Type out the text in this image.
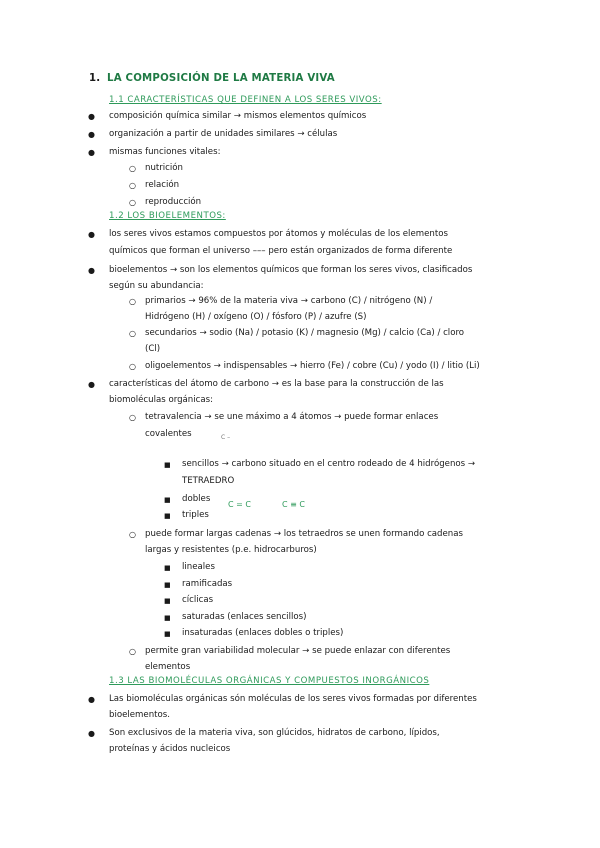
1. LA COMPOSICIÓN DE LA MATERIA VIVA
1.1 CARACTERÍSTICAS QUE DEFINEN A LOS SERES VIVOS:
● composición química similar → mismos elementos químicos
● organización a partir de unidades similares → células
● mismas funciones vitales:
○ nutrición
○ relación
○ reproducción
1.2 LOS BIOELEMENTOS:
● los seres vivos estamos compuestos por átomos y moléculas de los elementos
químicos que forman el universo ––– pero están organizados de forma diferente
● bioelementos → son los elementos químicos que forman los seres vivos, clasificados
según su abundancia:
○ primarios → 96% de la materia viva → carbono (C) / nitrógeno (N) /
Hidrógeno (H) / oxígeno (O) / fósforo (P) / azufre (S)
○ secundarios → sodio (Na) / potasio (K) / magnesio (Mg) / calcio (Ca) / cloro
(Cl)
○ oligoelementos → indispensables → hierro (Fe) / cobre (Cu) / yodo (I) / litio (Li)
● características del átomo de carbono → es la base para la construcción de las
biomoléculas orgánicas:
○ tetravalencia → se une máximo a 4 átomos → puede formar enlaces
covalentes	C –
■ sencillos → carbono situado en el centro rodeado de 4 hidrógenos →
TETRAEDRO
■ dobles
C = C	C ≡ C
■ triples
○ puede formar largas cadenas → los tetraedros se unen formando cadenas
largas y resistentes (p.e. hidrocarburos)
■ lineales
■ ramificadas
■ cíclicas
■ saturadas (enlaces sencillos)
■ insaturadas (enlaces dobles o triples)
○ permite gran variabilidad molecular → se puede enlazar con diferentes
elementos
1.3 LAS BIOMOLÉCULAS ORGÁNICAS Y COMPUESTOS INORGÁNICOS
● Las biomoléculas orgánicas són moléculas de los seres vivos formadas por diferentes
bioelementos.
● Son exclusivos de la materia viva, son glúcidos, hidratos de carbono, lípidos,
proteínas y ácidos nucleicos
